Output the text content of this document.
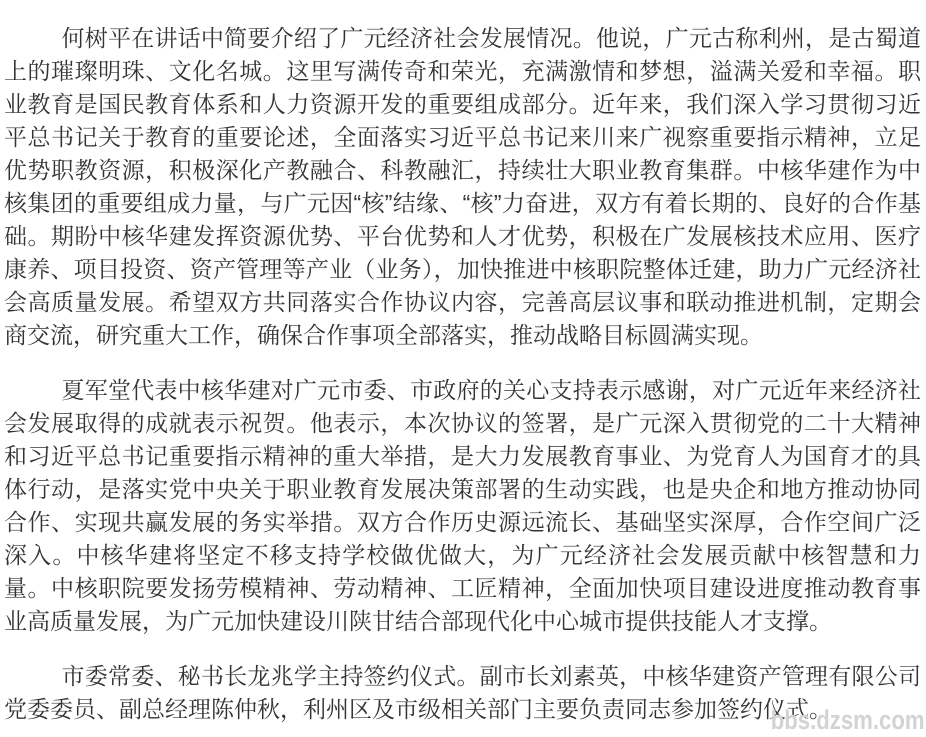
何树平在讲话中简要介绍了广元经济社会发展情况。他说，广元古称利州，是古蜀道上的璀璨明珠、文化名城。这里写满传奇和荣光，充满激情和梦想，溢满关爱和幸福。职业教育是国民教育体系和人力资源开发的重要组成部分。近年来，我们深入学习贯彻习近平总书记关于教育的重要论述，全面落实习近平总书记来川来广视察重要指示精神，立足优势职教资源，积极深化产教融合、科教融汇，持续壮大职业教育集群。中核华建作为中核集团的重要组成力量，与广元因“核”结缘、“核”力奋进，双方有着长期的、良好的合作基础。期盼中核华建发挥资源优势、平台优势和人才优势，积极在广发展核技术应用、医疗康养、项目投资、资产管理等产业（业务），加快推进中核职院整体迁建，助力广元经济社会高质量发展。希望双方共同落实合作协议内容，完善高层议事和联动推进机制，定期会商交流，研究重大工作，确保合作事项全部落实，推动战略目标圆满实现。

夏军堂代表中核华建对广元市委、市政府的关心支持表示感谢，对广元近年来经济社会发展取得的成就表示祝贺。他表示，本次协议的签署，是广元深入贯彻党的二十大精神和习近平总书记重要指示精神的重大举措，是大力发展教育事业、为党育人为国育才的具体行动，是落实党中央关于职业教育发展决策部署的生动实践，也是央企和地方推动协同合作、实现共赢发展的务实举措。双方合作历史源远流长、基础坚实深厚，合作空间广泛深入。中核华建将坚定不移支持学校做优做大，为广元经济社会发展贡献中核智慧和力量。中核职院要发扬劳模精神、劳动精神、工匠精神，全面加快项目建设进度推动教育事业高质量发展，为广元加快建设川陕甘结合部现代化中心城市提供技能人才支撑。

市委常委、秘书长龙兆学主持签约仪式。副市长刘素英，中核华建资产管理有限公司党委委员、副总经理陈仲秋，利州区及市级相关部门主要负责同志参加签约仪式。

bbs.dzsm.com
